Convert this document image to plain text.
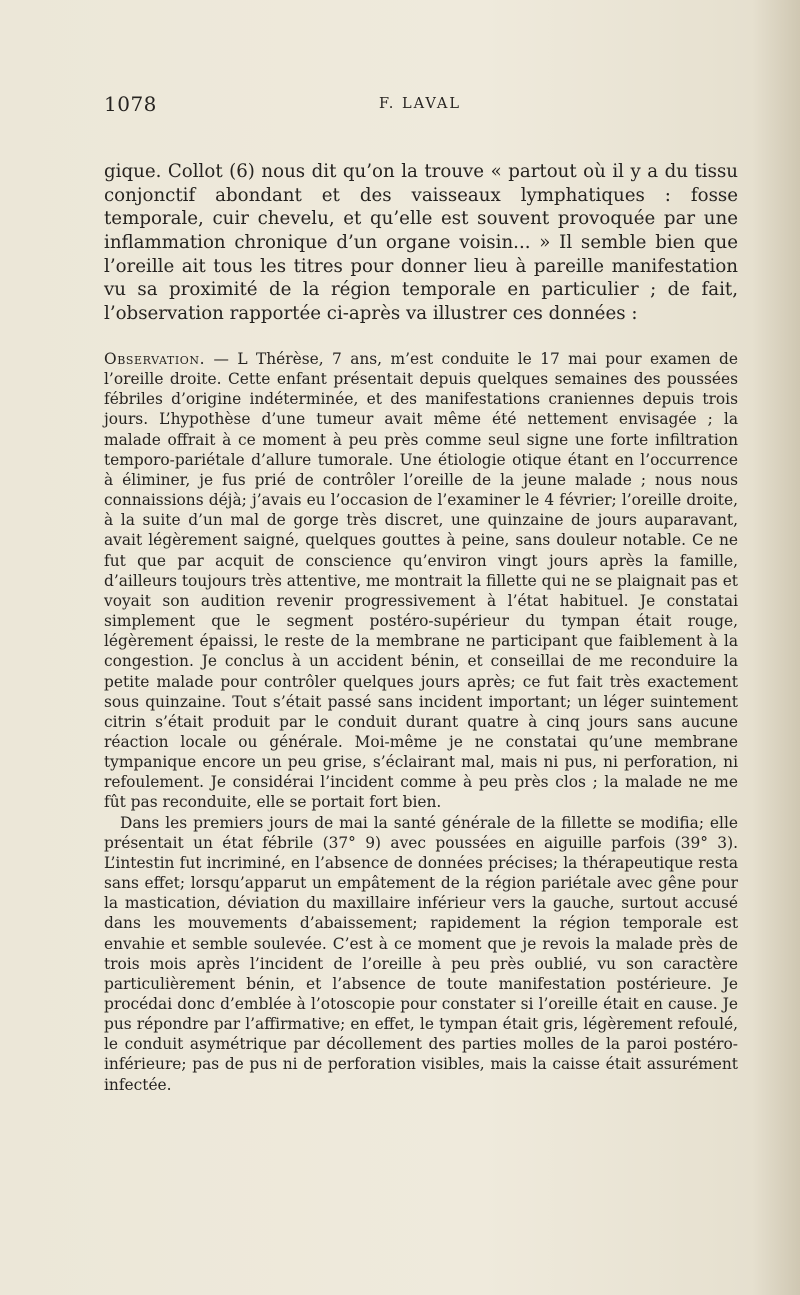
1078	F. LAVAL

gique. Collot (6) nous dit qu’on la trouve « partout où il y a du tissu conjonctif abondant et des vaisseaux lymphatiques : fosse temporale, cuir chevelu, et qu’elle est souvent provoquée par une inflammation chronique d’un organe voisin... » Il semble bien que l’oreille ait tous les titres pour donner lieu à pareille manifestation vu sa proximité de la région temporale en particulier ; de fait, l’observation rapportée ci-après va illustrer ces données :

Observation. — L Thérèse, 7 ans, m’est conduite le 17 mai pour examen de l’oreille droite. Cette enfant présentait depuis quelques semaines des poussées fébriles d’origine indéterminée, et des manifestations craniennes depuis trois jours. L’hypothèse d’une tumeur avait même été nettement envisagée ; la malade offrait à ce moment à peu près comme seul signe une forte infiltration temporo-pariétale d’allure tumorale. Une étiologie otique étant en l’occurrence à éliminer, je fus prié de contrôler l’oreille de la jeune malade ; nous nous connaissions déjà; j’avais eu l’occasion de l’examiner le 4 février; l’oreille droite, à la suite d’un mal de gorge très discret, une quinzaine de jours auparavant, avait légèrement saigné, quelques gouttes à peine, sans douleur notable. Ce ne fut que par acquit de conscience qu’environ vingt jours après la famille, d’ailleurs toujours très attentive, me montrait la fillette qui ne se plaignait pas et voyait son audition revenir progressivement à l’état habituel. Je constatai simplement que le segment postéro-supérieur du tympan était rouge, légèrement épaissi, le reste de la membrane ne participant que faiblement à la congestion. Je conclus à un accident bénin, et conseillai de me reconduire la petite malade pour contrôler quelques jours après; ce fut fait très exactement sous quinzaine. Tout s’était passé sans incident important; un léger suintement citrin s’était produit par le conduit durant quatre à cinq jours sans aucune réaction locale ou générale. Moi-même je ne constatai qu’une membrane tympanique encore un peu grise, s’éclairant mal, mais ni pus, ni perforation, ni refoulement. Je considérai l’incident comme à peu près clos ; la malade ne me fût pas reconduite, elle se portait fort bien.

Dans les premiers jours de mai la santé générale de la fillette se modifia; elle présentait un état fébrile (37° 9) avec poussées en aiguille parfois (39° 3). L’intestin fut incriminé, en l’absence de données précises; la thérapeutique resta sans effet; lorsqu’apparut un empâtement de la région pariétale avec gêne pour la mastication, déviation du maxillaire inférieur vers la gauche, surtout accusé dans les mouvements d’abaissement; rapidement la région temporale est envahie et semble soulevée. C’est à ce moment que je revois la malade près de trois mois après l’incident de l’oreille à peu près oublié, vu son caractère particulièrement bénin, et l’absence de toute manifestation postérieure. Je procédai donc d’emblée à l’otoscopie pour constater si l’oreille était en cause. Je pus répondre par l’affirmative; en effet, le tympan était gris, légèrement refoulé, le conduit asymétrique par décollement des parties molles de la paroi postéro-inférieure; pas de pus ni de perforation visibles, mais la caisse était assurément infectée.
